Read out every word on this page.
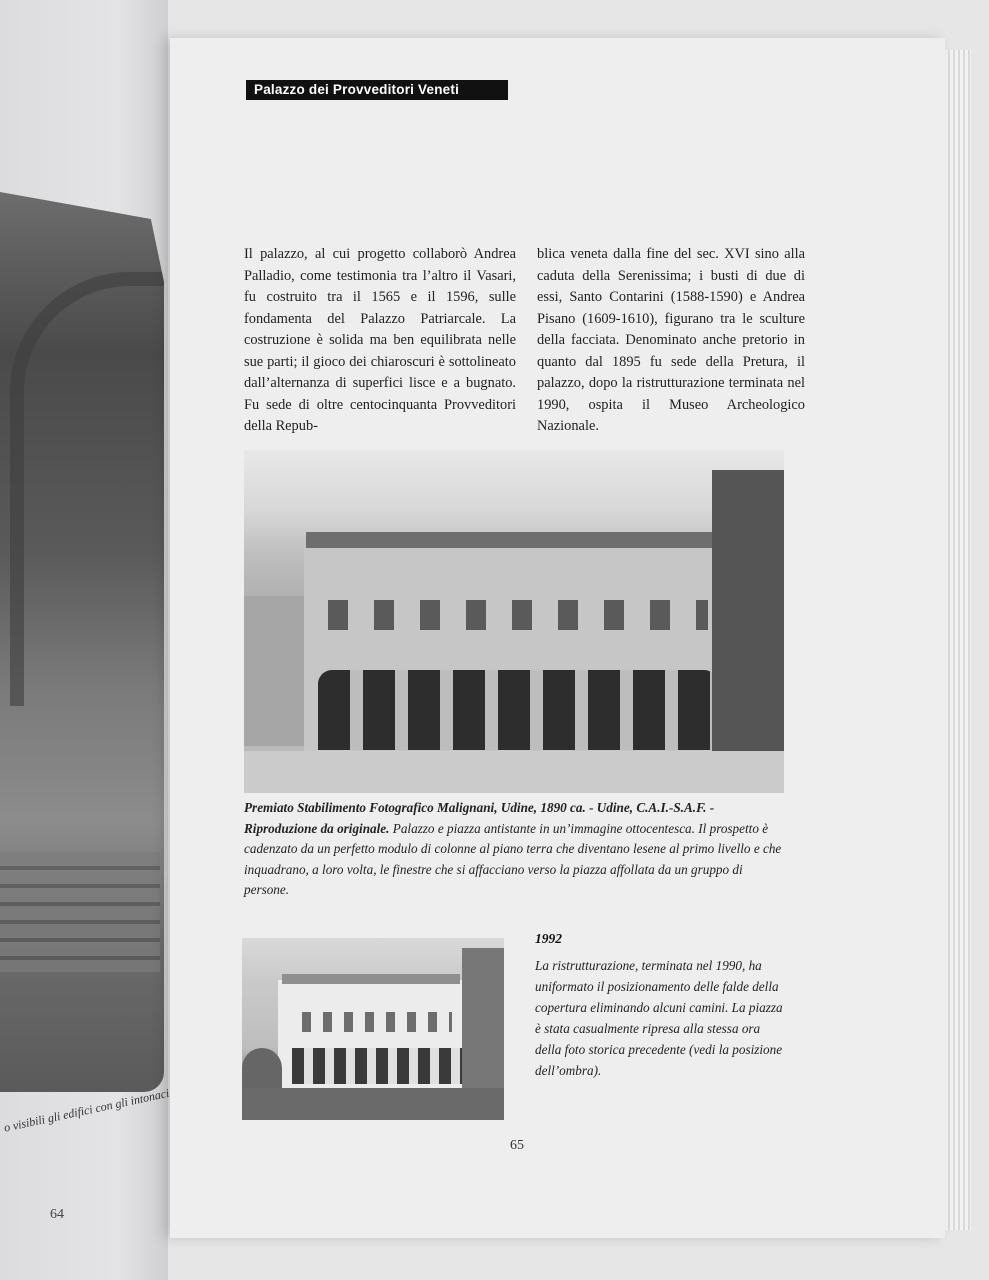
o visibili gli edifici con gli intonaci
64
Palazzo dei Provveditori Veneti
Il palazzo, al cui progetto collaborò Andrea Palladio, come testimonia tra l’altro il Vasari, fu costruito tra il 1565 e il 1596, sulle fondamenta del Palazzo Patriarcale. La costruzione è solida ma ben equilibrata nelle sue parti; il gioco dei chiaroscuri è sottolineato dall’alternanza di superfici lisce e a bugnato. Fu sede di oltre centocinquanta Provveditori della Repub-
blica veneta dalla fine del sec. XVI sino alla caduta della Serenissima; i busti di due di essi, Santo Contarini (1588-1590) e Andrea Pisano (1609-1610), figurano tra le sculture della facciata. Denominato anche pretorio in quanto dal 1895 fu sede della Pretura, il palazzo, dopo la ristrutturazione terminata nel 1990, ospita il Museo Archeologico Nazionale.
Premiato Stabilimento Fotografico Malignani, Udine, 1890 ca. - Udine, C.A.I.-S.A.F. - Riproduzione da originale. Palazzo e piazza antistante in un’immagine ottocentesca. Il prospetto è cadenzato da un perfetto modulo di colonne al piano terra che diventano lesene al primo livello e che inquadrano, a loro volta, le finestre che si affacciano verso la piazza affollata da un gruppo di persone.
1992
La ristrutturazione, terminata nel 1990, ha uniformato il posizionamento delle falde della copertura eliminando alcuni camini. La piazza è stata casualmente ripresa alla stessa ora della foto storica precedente (vedi la posizione dell’ombra).
65
